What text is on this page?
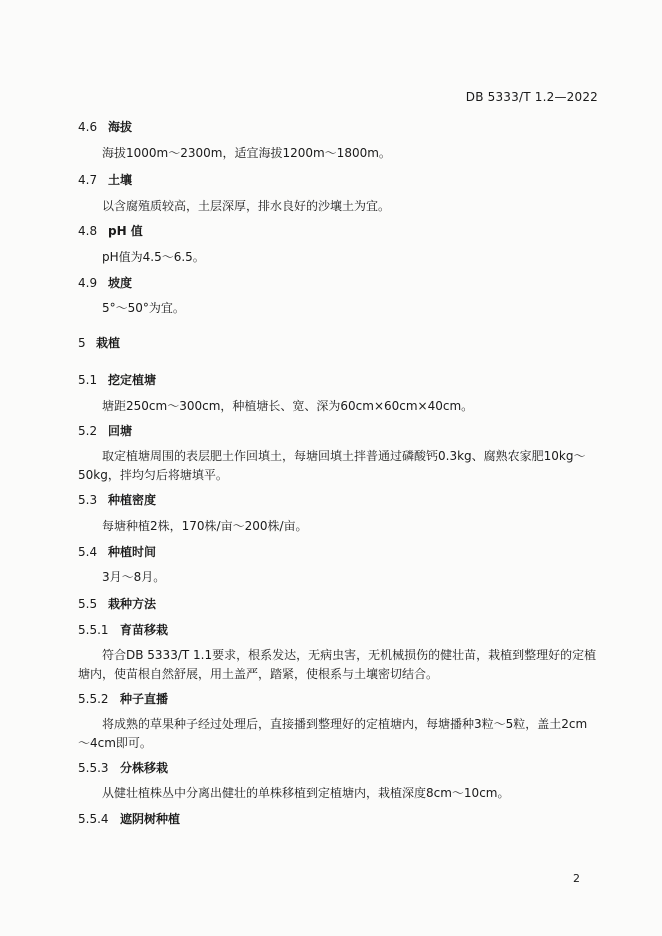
DB 5333/T 1.2—2022
4.6 海拔
海拔1000m～2300m，适宜海拔1200m～1800m。
4.7 土壤
以含腐殖质较高，土层深厚，排水良好的沙壤土为宜。
4.8 pH 值
pH值为4.5～6.5。
4.9 坡度
5°～50°为宜。
5 栽植
5.1 挖定植塘
塘距250cm～300cm，种植塘长、宽、深为60cm×60cm×40cm。
5.2 回塘
取定植塘周围的表层肥土作回填土，每塘回填土拌普通过磷酸钙0.3kg、腐熟农家肥10kg～50kg，拌均匀后将塘填平。
5.3 种植密度
每塘种植2株，170株/亩～200株/亩。
5.4 种植时间
3月～8月。
5.5 栽种方法
5.5.1 育苗移栽
符合DB 5333/T 1.1要求，根系发达，无病虫害，无机械损伤的健壮苗，栽植到整理好的定植塘内，使苗根自然舒展，用土盖严，踏紧，使根系与土壤密切结合。
5.5.2 种子直播
将成熟的草果种子经过处理后，直接播到整理好的定植塘内，每塘播种3粒～5粒，盖土2cm～4cm即可。
5.5.3 分株移栽
从健壮植株丛中分离出健壮的单株移植到定植塘内，栽植深度8cm～10cm。
5.5.4 遮阴树种植
2
